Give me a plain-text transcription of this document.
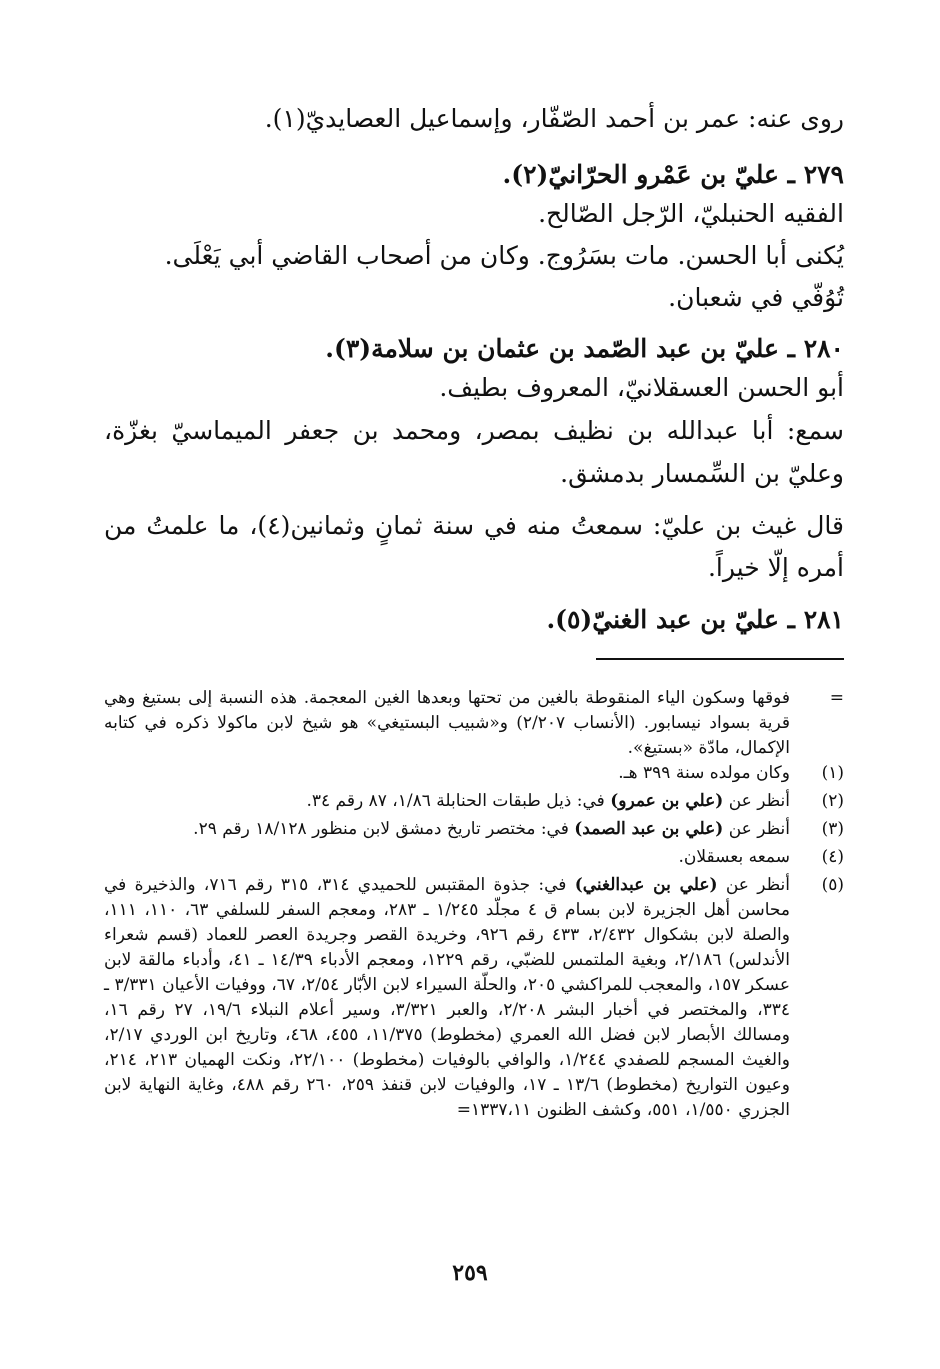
روى عنه: عمر بن أحمد الصّفّار، وإسماعيل العصايديّ(١).

٢٧٩ ـ عليّ بن عَمْرو الحرّانيّ(٢).

الفقيه الحنبليّ، الرّجل الصّالح.

يُكنى أبا الحسن. مات بسَرُوج. وكان من أصحاب القاضي أبي يَعْلَى.

تُوُفّي في شعبان.

٢٨٠ ـ عليّ بن عبد الصّمد بن عثمان بن سلامة(٣).

أبو الحسن العسقلانيّ، المعروف بطيف.

سمع: أبا عبدالله بن نظيف بمصر، ومحمد بن جعفر الميماسيّ بغزّة،

وعليّ بن السِّمسار بدمشق.

قال غيث بن عليّ: سمعتُ منه في سنة ثمانٍ وثمانين(٤)، ما علمتُ من

أمره إلّا خيراً.

٢٨١ ـ عليّ بن عبد الغنيّ(٥).

=
فوقها وسكون الياء المنقوطة بالغين من تحتها وبعدها الغين المعجمة. هذه النسبة إلى بستيغ وهي قرية بسواد نيسابور. (الأنساب ٢/٢٠٧) و«شبيب البستيغي» هو شيخ لابن ماكولا ذكره في كتابه الإكمال، مادّة «بستيغ».
(١)
وكان مولده سنة ٣٩٩ هـ.
(٢)
أنظر عن (علي بن عمرو) في: ذيل طبقات الحنابلة ١/٨٦، ٨٧ رقم ٣٤.
(٣)
أنظر عن (علي بن عبد الصمد) في: مختصر تاريخ دمشق لابن منظور ١٨/١٢٨ رقم ٢٩.
(٤)
سمعه بعسقلان.
(٥)
أنظر عن (علي بن عبدالغني) في: جذوة المقتبس للحميدي ٣١٤، ٣١٥ رقم ٧١٦، والذخيرة في محاسن أهل الجزيرة لابن بسام ق ٤ مجلّد ١/٢٤٥ ـ ٢٨٣، ومعجم السفر للسلفي ٦٣، ١١٠، ١١١، والصلة لابن بشكوال ٢/٤٣٢، ٤٣٣ رقم ٩٢٦، وخريدة القصر وجريدة العصر للعماد (قسم شعراء الأندلس) ٢/١٨٦، وبغية الملتمس للضبّي، رقم ١٢٢٩، ومعجم الأدباء ١٤/٣٩ ـ ٤١، وأدباء مالقة لابن عسكر ١٥٧، والمعجب للمراكشي ٢٠٥، والحلّة السيراء لابن الأبّار ٢/٥٤، ٦٧، ووفيات الأعيان ٣/٣٣١ ـ ٣٣٤، والمختصر في أخبار البشر ٢/٢٠٨، والعبر ٣/٣٢١، وسير أعلام النبلاء ١٩/٦، ٢٧ رقم ١٦، ومسالك الأبصار لابن فضل الله العمري (مخطوط) ١١/٣٧٥، ٤٥٥، ٤٦٨، وتاريخ ابن الوردي ٢/١٧، والغيث المسجم للصفدي ١/٢٤٤، والوافي بالوفيات (مخطوط) ٢٢/١٠٠، ونكت الهميان ٢١٣، ٢١٤، وعيون التواريخ (مخطوط) ١٣/٦ ـ ١٧، والوفيات لابن قنفذ ٢٥٩، ٢٦٠ رقم ٤٨٨، وغاية النهاية لابن الجزري ١/٥٥٠، ٥٥١، وكشف الظنون ١٣٣٧،١١=
٢٥٩
